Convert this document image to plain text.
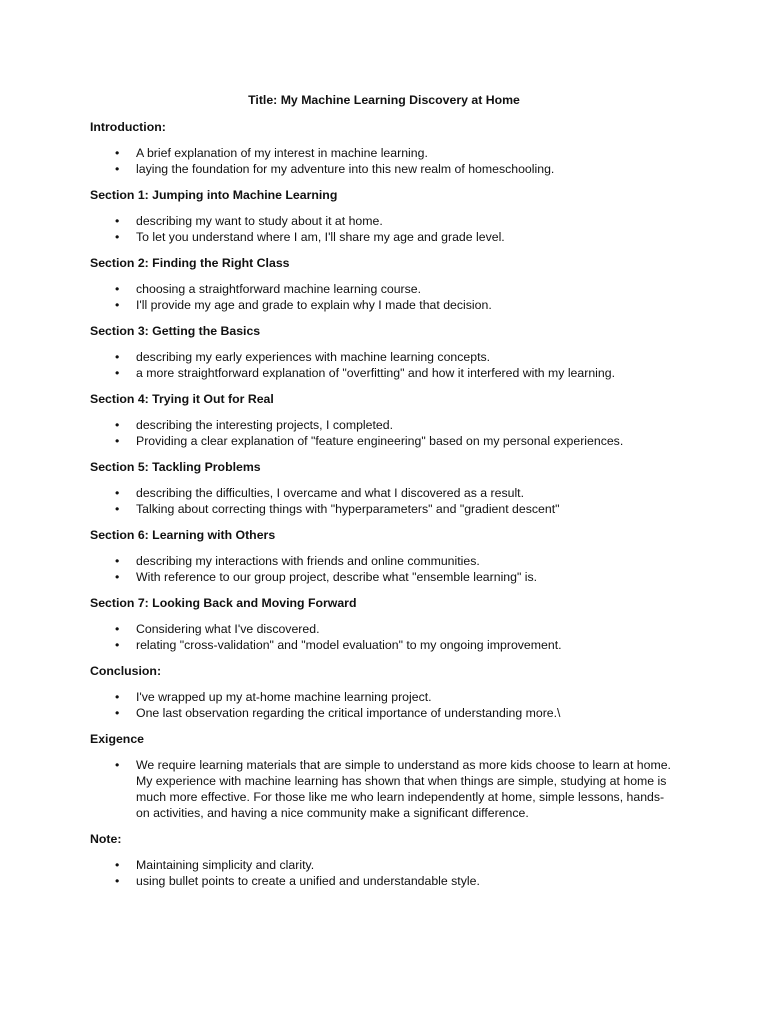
Title: My Machine Learning Discovery at Home
Introduction:
• A brief explanation of my interest in machine learning.
• laying the foundation for my adventure into this new realm of homeschooling.
Section 1: Jumping into Machine Learning
• describing my want to study about it at home.
• To let you understand where I am, I'll share my age and grade level.
Section 2: Finding the Right Class
• choosing a straightforward machine learning course.
• I'll provide my age and grade to explain why I made that decision.
Section 3: Getting the Basics
• describing my early experiences with machine learning concepts.
• a more straightforward explanation of "overfitting" and how it interfered with my learning.
Section 4: Trying it Out for Real
• describing the interesting projects, I completed.
• Providing a clear explanation of "feature engineering" based on my personal experiences.
Section 5: Tackling Problems
• describing the difficulties, I overcame and what I discovered as a result.
• Talking about correcting things with "hyperparameters" and "gradient descent"
Section 6: Learning with Others
• describing my interactions with friends and online communities.
• With reference to our group project, describe what "ensemble learning" is.
Section 7: Looking Back and Moving Forward
• Considering what I've discovered.
• relating "cross-validation" and "model evaluation" to my ongoing improvement.
Conclusion:
• I've wrapped up my at-home machine learning project.
• One last observation regarding the critical importance of understanding more.\
Exigence
• We require learning materials that are simple to understand as more kids choose to learn at home. My experience with machine learning has shown that when things are simple, studying at home is much more effective. For those like me who learn independently at home, simple lessons, hands-on activities, and having a nice community make a significant difference.
Note:
• Maintaining simplicity and clarity.
• using bullet points to create a unified and understandable style.
